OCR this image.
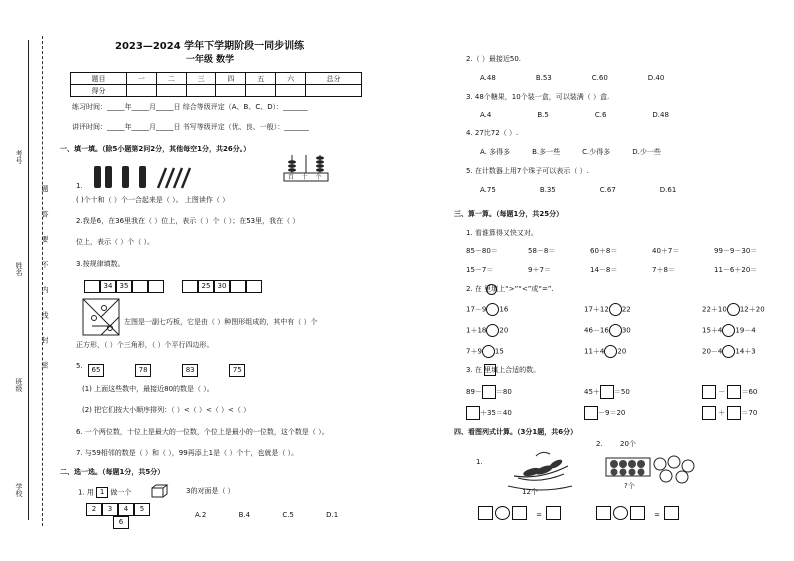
考号
姓名
班级
学校
题 答 要 不 内 线 封 密
2023—2024 学年下学期阶段一同步训练
一年级 数学
题目	一	二	三	四	五	六	总分
得分							
练习时间：_____年_____月_____日 综合等级评定（A、B、C、D）：_______
讲评时间：_____年_____月_____日 书写等级评定（优、良、一般）：_______
一、填一填。（除5小题第2问2分，其他每空1分，共26分。）
1.
百 十 个
( )个十和（ ）个一合起来是（ ）。 上图读作（ ）
2.我是6，在36里我在（ ）位上，表示（ ）个（ ）；在53里，我在（ ）
位上，表示（ ）个（ ）。
3.按规律填数。
34 35	25 30
左图是一副七巧板，它是由（ ）种图形组成的，其中有（ ）个
正方形，（ ）个三角形，（ ）个平行四边形。
5.	65	78	83	75
(1) 上面这些数中，最接近80的数是（ ）。
(2) 把它们按大小顺序排列：（ ）<（ ）<（ ）<（ ）
6. 一个两位数，十位上是最大的一位数，个位上是最小的一位数，这个数是（ ）。
7. 与59相邻的数是（ ）和（ ），99再添上1是（ ）个十，也就是（ ）。
二、选一选。（每题1分，共5分）
1. 用 1 做一个
2 3 4 5
6
3的对面是（ ）
A.2	B.4	C.5	D.1
2.（ ）最接近50.
A.48	B.53	C.60	D.40
3. 48个糖果，10个装一盒，可以装满（ ）盒.
A.4	B.5	C.6	D.48
4. 27比72（ ）.
A. 多得多	B.多一些	C.少得多	D.少一些
5. 在计数器上用7个珠子可以表示（ ）.
A.75	B.35	C.67	D.61
三、算一算。（每题1分，共25分）
1. 看谁算得又快又对。
85－80＝	58－8＝	60＋8＝	40＋7＝	99－9－30＝
15－7＝	9＋7＝	14－8＝	7＋8＝	11－6＋20＝
2. 在 里填上“>”“<”或“=”.
17－9 16	17＋12 22	22＋10 12＋20
1＋18 20	46－16 30	15＋4 19－4
7＋9 15	11＋4 20	20－4 14＋3
3. 在 里填上合适的数。
89－ ＝80	45＋ ＝50	－ ＝60
＋35＝40	－9＝20	＋ ＝70
四、看图列式计算。（3分1题，共6分）
1.
12个
2. 20个
?个
=	=
